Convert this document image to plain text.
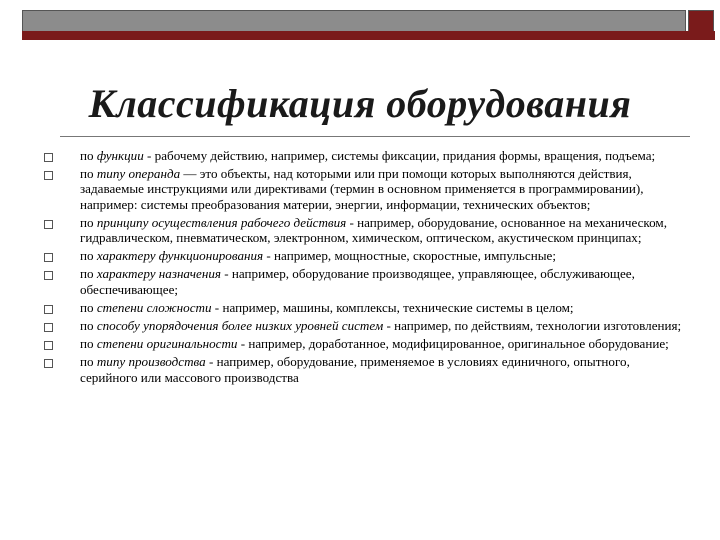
Классификация оборудования
по функции - рабочему действию, например, системы фиксации, придания формы, вращения, подъема;
по типу операнда — это объекты, над которыми или при помощи которых выполняются действия, задаваемые инструкциями или директивами (термин в основном применяется в программировании), например: системы преобразования материи, энергии, информации, технических объектов;
по принципу осуществления рабочего действия - например, оборудование, основанное на механическом, гидравлическом, пневматическом, электронном, химическом, оптическом, акустическом принципах;
по характеру функционирования - например, мощностные, скоростные, импульсные;
по характеру назначения - например, оборудование производящее, управляющее, обслуживающее, обеспечивающее;
по степени сложности - например, машины, комплексы, технические системы в целом;
по способу упорядочения более низких уровней систем - например, по действиям, технологии изготовления;
по степени оригинальности - например, доработанное, модифицированное, оригинальное оборудование;
по типу производства - например, оборудование, применяемое в условиях единичного, опытного, серийного или массового производства
